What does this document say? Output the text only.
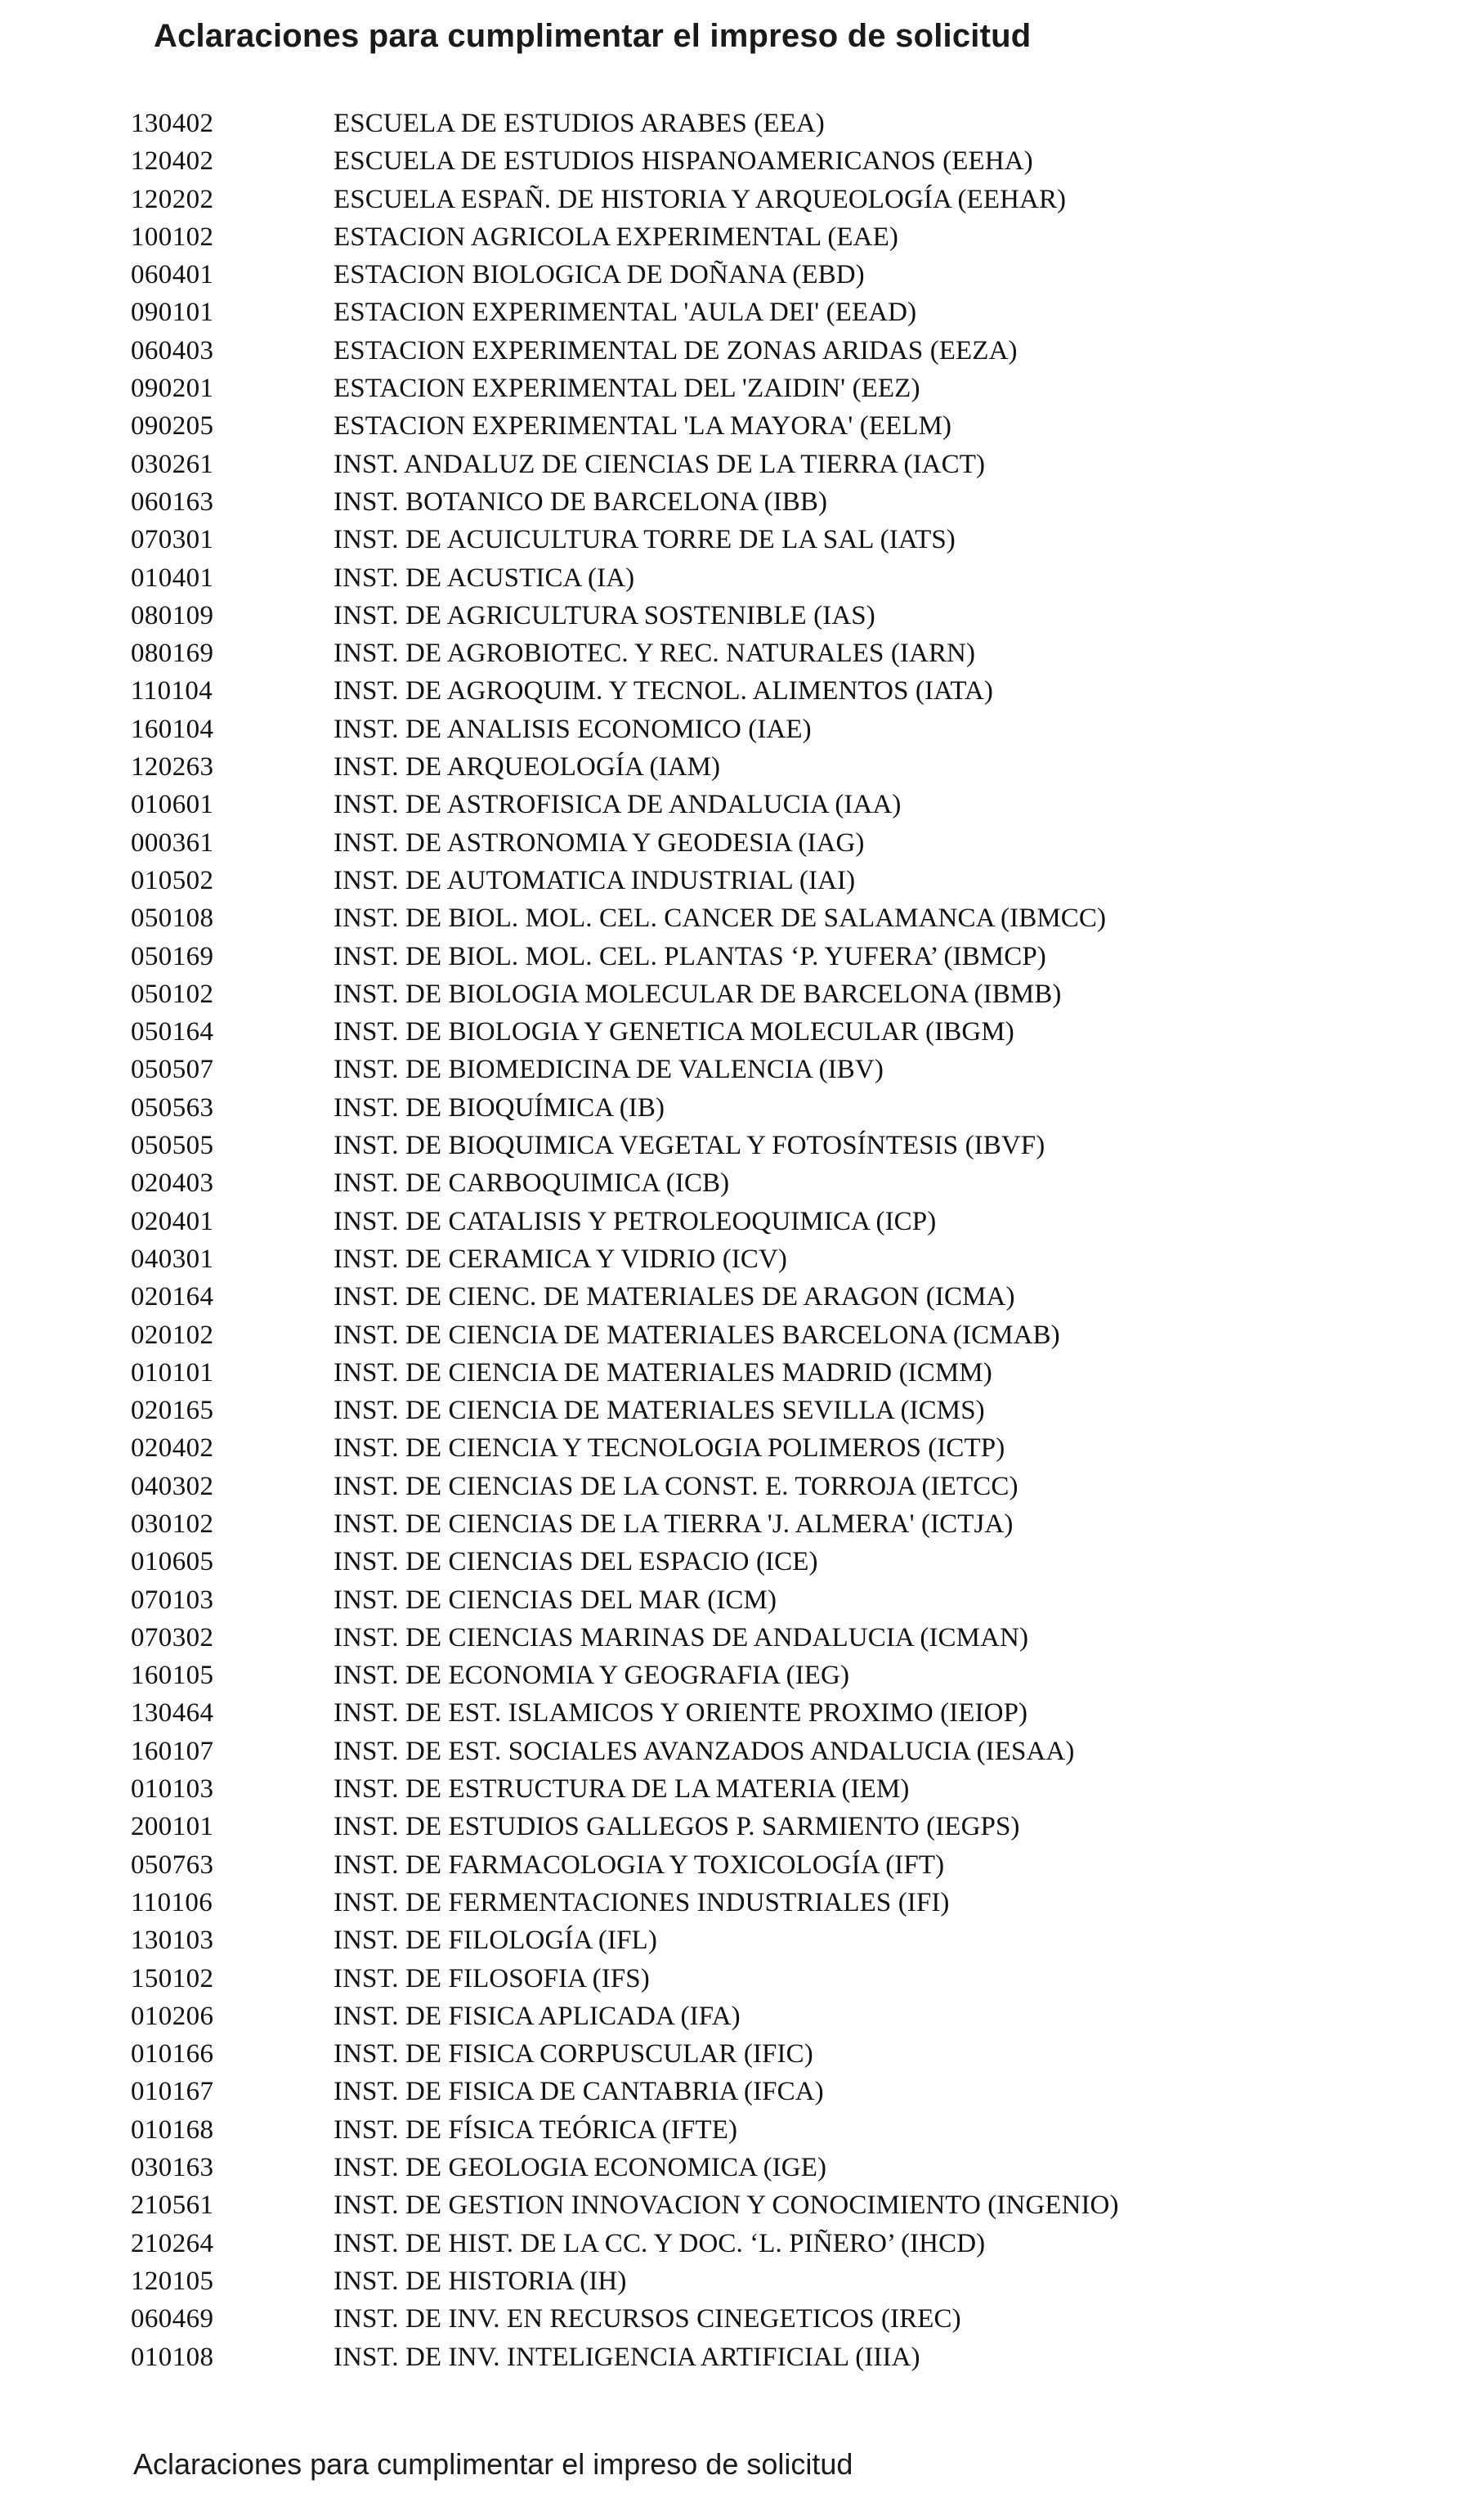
Aclaraciones para cumplimentar el impreso de solicitud
130402	ESCUELA DE ESTUDIOS ARABES (EEA)
120402	ESCUELA DE ESTUDIOS HISPANOAMERICANOS (EEHA)
120202	ESCUELA ESPAÑ. DE HISTORIA Y ARQUEOLOGÍA (EEHAR)
100102	ESTACION AGRICOLA EXPERIMENTAL (EAE)
060401	ESTACION BIOLOGICA DE DOÑANA (EBD)
090101	ESTACION EXPERIMENTAL 'AULA DEI' (EEAD)
060403	ESTACION EXPERIMENTAL DE ZONAS ARIDAS (EEZA)
090201	ESTACION EXPERIMENTAL DEL 'ZAIDIN' (EEZ)
090205	ESTACION EXPERIMENTAL 'LA MAYORA' (EELM)
030261	INST. ANDALUZ DE CIENCIAS DE LA TIERRA (IACT)
060163	INST. BOTANICO DE BARCELONA (IBB)
070301	INST. DE ACUICULTURA TORRE DE LA SAL (IATS)
010401	INST. DE ACUSTICA (IA)
080109	INST. DE AGRICULTURA SOSTENIBLE (IAS)
080169	INST. DE AGROBIOTEC. Y REC. NATURALES (IARN)
110104	INST. DE AGROQUIM. Y TECNOL. ALIMENTOS (IATA)
160104	INST. DE ANALISIS ECONOMICO (IAE)
120263	INST. DE ARQUEOLOGÍA (IAM)
010601	INST. DE ASTROFISICA DE ANDALUCIA (IAA)
000361	INST. DE ASTRONOMIA Y GEODESIA (IAG)
010502	INST. DE AUTOMATICA INDUSTRIAL (IAI)
050108	INST. DE BIOL. MOL. CEL. CANCER DE SALAMANCA (IBMCC)
050169	INST. DE BIOL. MOL. CEL. PLANTAS ‘P. YUFERA’ (IBMCP)
050102	INST. DE BIOLOGIA MOLECULAR DE BARCELONA (IBMB)
050164	INST. DE BIOLOGIA Y GENETICA MOLECULAR (IBGM)
050507	INST. DE BIOMEDICINA DE VALENCIA (IBV)
050563	INST. DE BIOQUÍMICA (IB)
050505	INST. DE BIOQUIMICA VEGETAL Y FOTOSÍNTESIS (IBVF)
020403	INST. DE CARBOQUIMICA (ICB)
020401	INST. DE CATALISIS Y PETROLEOQUIMICA (ICP)
040301	INST. DE CERAMICA Y VIDRIO (ICV)
020164	INST. DE CIENC. DE MATERIALES DE ARAGON (ICMA)
020102	INST. DE CIENCIA DE MATERIALES BARCELONA (ICMAB)
010101	INST. DE CIENCIA DE MATERIALES MADRID (ICMM)
020165	INST. DE CIENCIA DE MATERIALES SEVILLA (ICMS)
020402	INST. DE CIENCIA Y TECNOLOGIA POLIMEROS (ICTP)
040302	INST. DE CIENCIAS DE LA CONST. E. TORROJA (IETCC)
030102	INST. DE CIENCIAS DE LA TIERRA 'J. ALMERA' (ICTJA)
010605	INST. DE CIENCIAS DEL ESPACIO (ICE)
070103	INST. DE CIENCIAS DEL MAR (ICM)
070302	INST. DE CIENCIAS MARINAS DE ANDALUCIA (ICMAN)
160105	INST. DE ECONOMIA Y GEOGRAFIA (IEG)
130464	INST. DE EST. ISLAMICOS Y ORIENTE PROXIMO (IEIOP)
160107	INST. DE EST. SOCIALES AVANZADOS ANDALUCIA (IESAA)
010103	INST. DE ESTRUCTURA DE LA MATERIA (IEM)
200101	INST. DE ESTUDIOS GALLEGOS P. SARMIENTO (IEGPS)
050763	INST. DE FARMACOLOGIA Y TOXICOLOGÍA (IFT)
110106	INST. DE FERMENTACIONES INDUSTRIALES (IFI)
130103	INST. DE FILOLOGÍA (IFL)
150102	INST. DE FILOSOFIA (IFS)
010206	INST. DE FISICA APLICADA (IFA)
010166	INST. DE FISICA CORPUSCULAR (IFIC)
010167	INST. DE FISICA DE CANTABRIA (IFCA)
010168	INST. DE FÍSICA TEÓRICA (IFTE)
030163	INST. DE GEOLOGIA ECONOMICA (IGE)
210561	INST. DE GESTION INNOVACION Y CONOCIMIENTO (INGENIO)
210264	INST. DE HIST. DE LA CC. Y DOC. ‘L. PIÑERO’ (IHCD)
120105	INST. DE HISTORIA (IH)
060469	INST. DE INV. EN RECURSOS CINEGETICOS (IREC)
010108	INST. DE INV. INTELIGENCIA ARTIFICIAL (IIIA)
Aclaraciones para cumplimentar el impreso de solicitud
